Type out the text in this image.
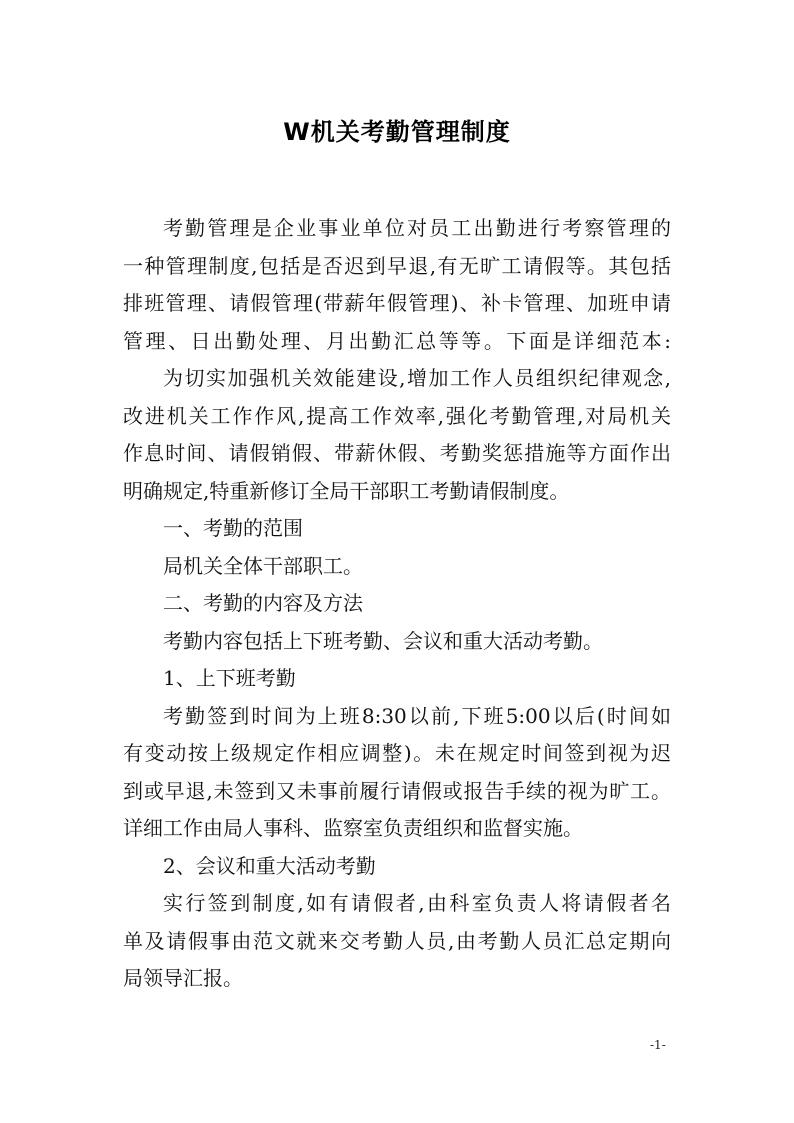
W机关考勤管理制度
考勤管理是企业事业单位对员工出勤进行考察管理的
一种管理制度,包括是否迟到早退,有无旷工请假等。其包括
排班管理、请假管理(带薪年假管理)、补卡管理、加班申请
管理、日出勤处理、月出勤汇总等等。下面是详细范本:
为切实加强机关效能建设,增加工作人员组织纪律观念,
改进机关工作作风,提高工作效率,强化考勤管理,对局机关
作息时间、请假销假、带薪休假、考勤奖惩措施等方面作出
明确规定,特重新修订全局干部职工考勤请假制度。
一、考勤的范围
局机关全体干部职工。
二、考勤的内容及方法
考勤内容包括上下班考勤、会议和重大活动考勤。
1、上下班考勤
考勤签到时间为上班8:30以前,下班5:00以后(时间如
有变动按上级规定作相应调整)。未在规定时间签到视为迟
到或早退,未签到又未事前履行请假或报告手续的视为旷工。
详细工作由局人事科、监察室负责组织和监督实施。
2、会议和重大活动考勤
实行签到制度,如有请假者,由科室负责人将请假者名
单及请假事由范文就来交考勤人员,由考勤人员汇总定期向
局领导汇报。
-1-
